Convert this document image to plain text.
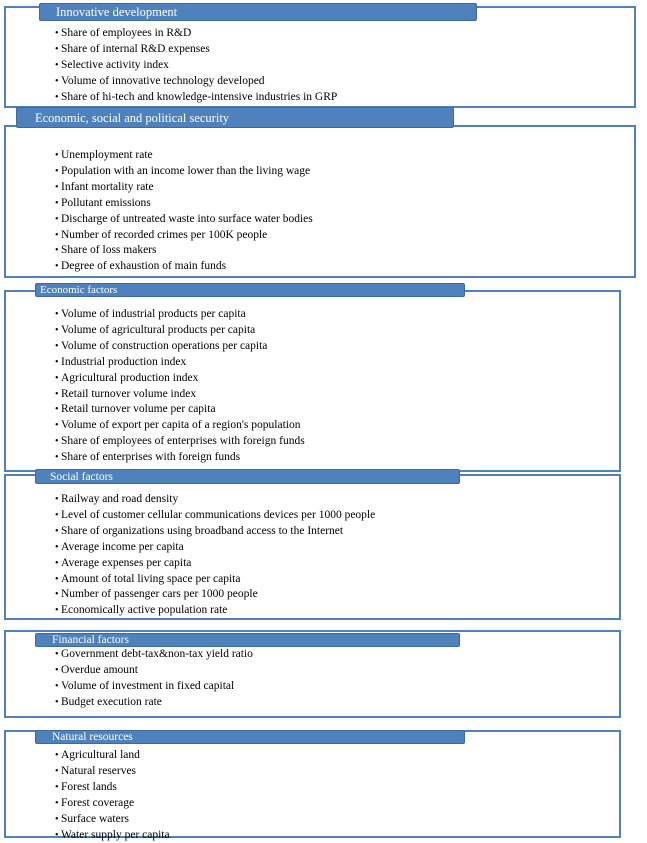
Innovative development
• Share of employees in R&D
• Share of internal R&D expenses
• Selective activity index
• Volume of innovative technology developed
• Share of hi-tech and knowledge-intensive industries in GRP
Economic, social and political security
• Unemployment rate
• Population with an income lower than the living wage
• Infant mortality rate
• Pollutant emissions
• Discharge of untreated waste into surface water bodies
• Number of recorded crimes per 100K people
• Share of loss makers
• Degree of exhaustion of main funds
Economic factors
• Volume of industrial products per capita
• Volume of agricultural products per capita
• Volume of construction operations per capita
• Industrial production index
• Agricultural production index
• Retail turnover volume index
• Retail turnover volume per capita
• Volume of export per capita of a region's population
• Share of employees of enterprises with foreign funds
• Share of enterprises with foreign funds
Social factors
• Railway and road density
• Level of customer cellular communications devices per 1000 people
• Share of organizations using broadband access to the Internet
• Average income per capita
• Average expenses per capita
• Amount of total living space per capita
• Number of passenger cars per 1000 people
• Economically active population rate
Financial factors
• Government debt-tax&non-tax yield ratio
• Overdue amount
• Volume of investment in fixed capital
• Budget execution rate
Natural resources
• Agricultural land
• Natural reserves
• Forest lands
• Forest coverage
• Surface waters
• Water supply per capita
